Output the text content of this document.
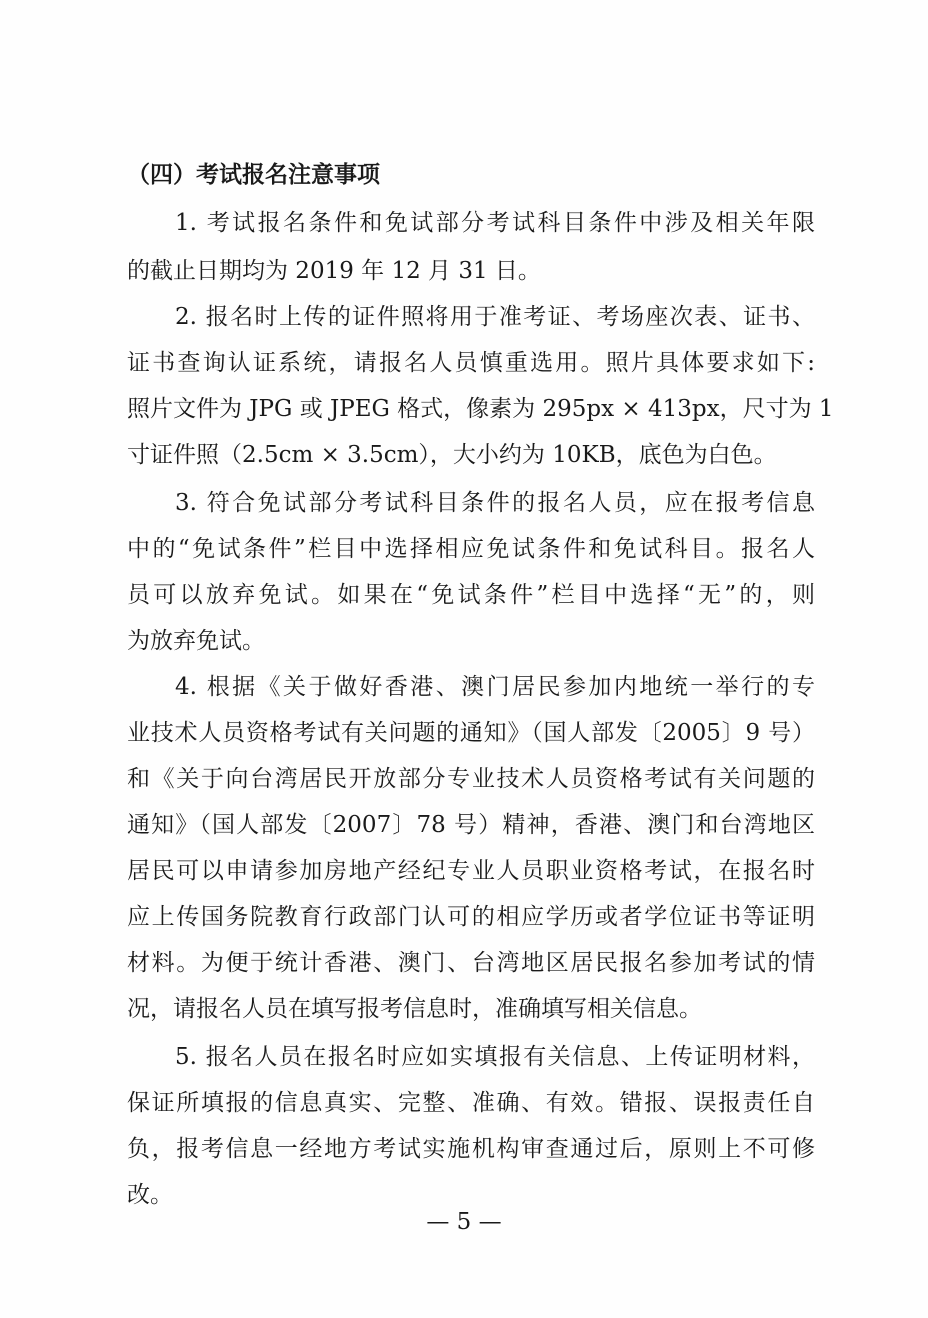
（四）考试报名注意事项
1. 考试报名条件和免试部分考试科目条件中涉及相关年限
的截止日期均为 2019 年 12 月 31 日。
2. 报名时上传的证件照将用于准考证、考场座次表、证书、
证书查询认证系统，请报名人员慎重选用。照片具体要求如下:
照片文件为 JPG 或 JPEG 格式，像素为 295px × 413px，尺寸为 1
寸证件照（2.5cm × 3.5cm），大小约为 10KB，底色为白色。
3. 符合免试部分考试科目条件的报名人员，应在报考信息
中的“免试条件”栏目中选择相应免试条件和免试科目。报名人
员可以放弃免试。如果在“免试条件”栏目中选择“无”的，则
为放弃免试。
4. 根据《关于做好香港、澳门居民参加内地统一举行的专
业技术人员资格考试有关问题的通知》（国人部发〔2005〕9 号）
和《关于向台湾居民开放部分专业技术人员资格考试有关问题的
通知》（国人部发〔2007〕78 号）精神，香港、澳门和台湾地区
居民可以申请参加房地产经纪专业人员职业资格考试，在报名时
应上传国务院教育行政部门认可的相应学历或者学位证书等证明
材料。为便于统计香港、澳门、台湾地区居民报名参加考试的情
况，请报名人员在填写报考信息时，准确填写相关信息。
5. 报名人员在报名时应如实填报有关信息、上传证明材料，
保证所填报的信息真实、完整、准确、有效。错报、误报责任自
负，报考信息一经地方考试实施机构审查通过后，原则上不可修
改。
— 5 —
